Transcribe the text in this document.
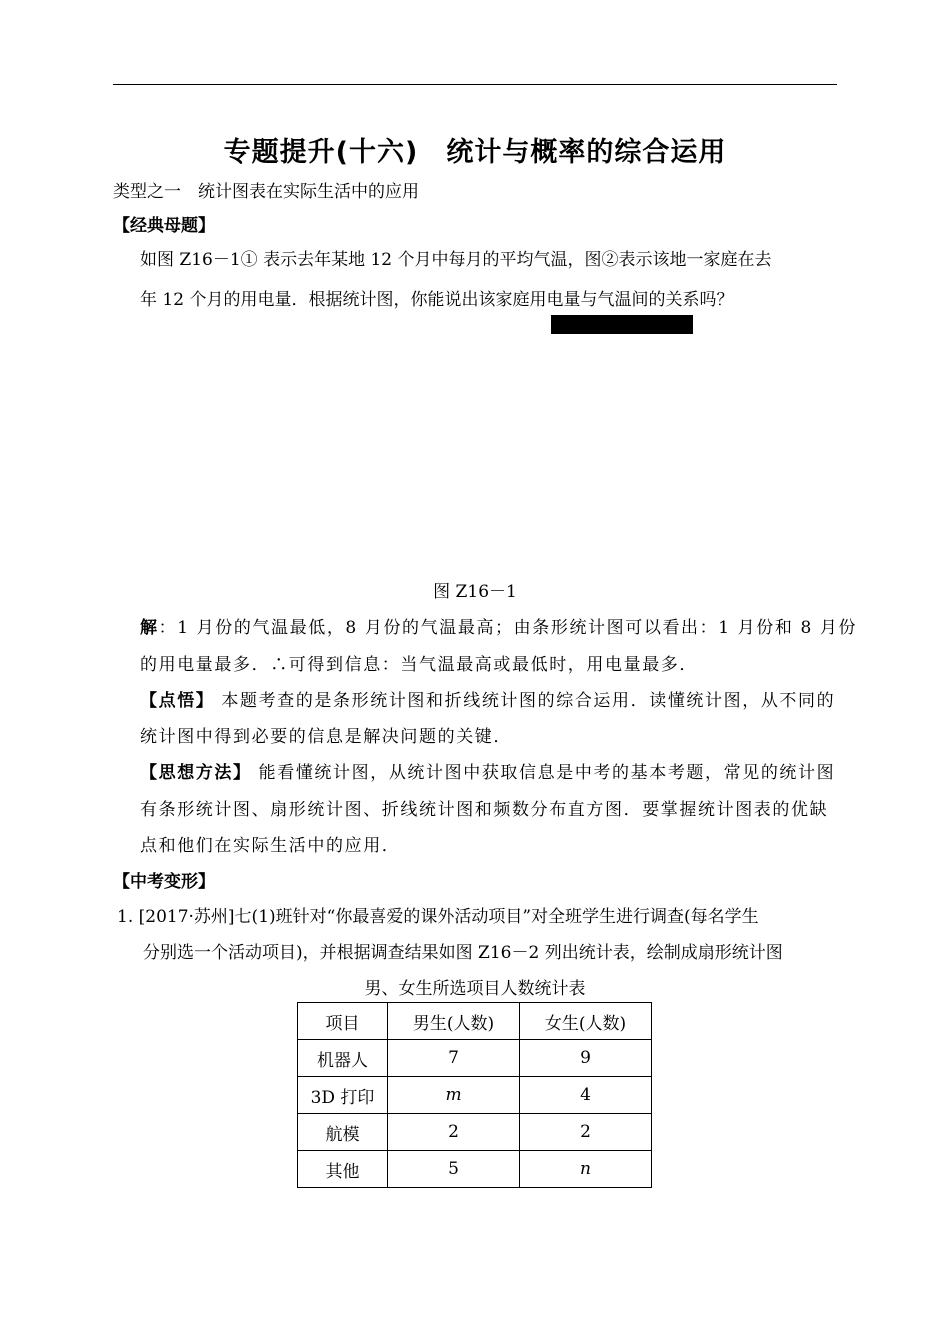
专题提升(十六)　统计与概率的综合运用
类型之一　统计图表在实际生活中的应用
【经典母题】
如图 Z16－1① 表示去年某地 12 个月中每月的平均气温，图②表示该地一家庭在去
年 12 个月的用电量．根据统计图，你能说出该家庭用电量与气温间的关系吗？
图 Z16－1
解：1 月份的气温最低，8 月份的气温最高；由条形统计图可以看出：1 月份和 8 月份
的用电量最多．∴可得到信息：当气温最高或最低时，用电量最多．
【点悟】 本题考查的是条形统计图和折线统计图的综合运用．读懂统计图，从不同的
统计图中得到必要的信息是解决问题的关键．
【思想方法】 能看懂统计图，从统计图中获取信息是中考的基本考题，常见的统计图
有条形统计图、扇形统计图、折线统计图和频数分布直方图．要掌握统计图表的优缺
点和他们在实际生活中的应用．
【中考变形】
1. [2017·苏州]七(1)班针对“你最喜爱的课外活动项目”对全班学生进行调查(每名学生
分别选一个活动项目)，并根据调查结果如图 Z16－2 列出统计表，绘制成扇形统计图
男、女生所选项目人数统计表
项目	男生(人数)	女生(人数)
机器人	7	9
3D 打印	m	4
航模	2	2
其他	5	n
